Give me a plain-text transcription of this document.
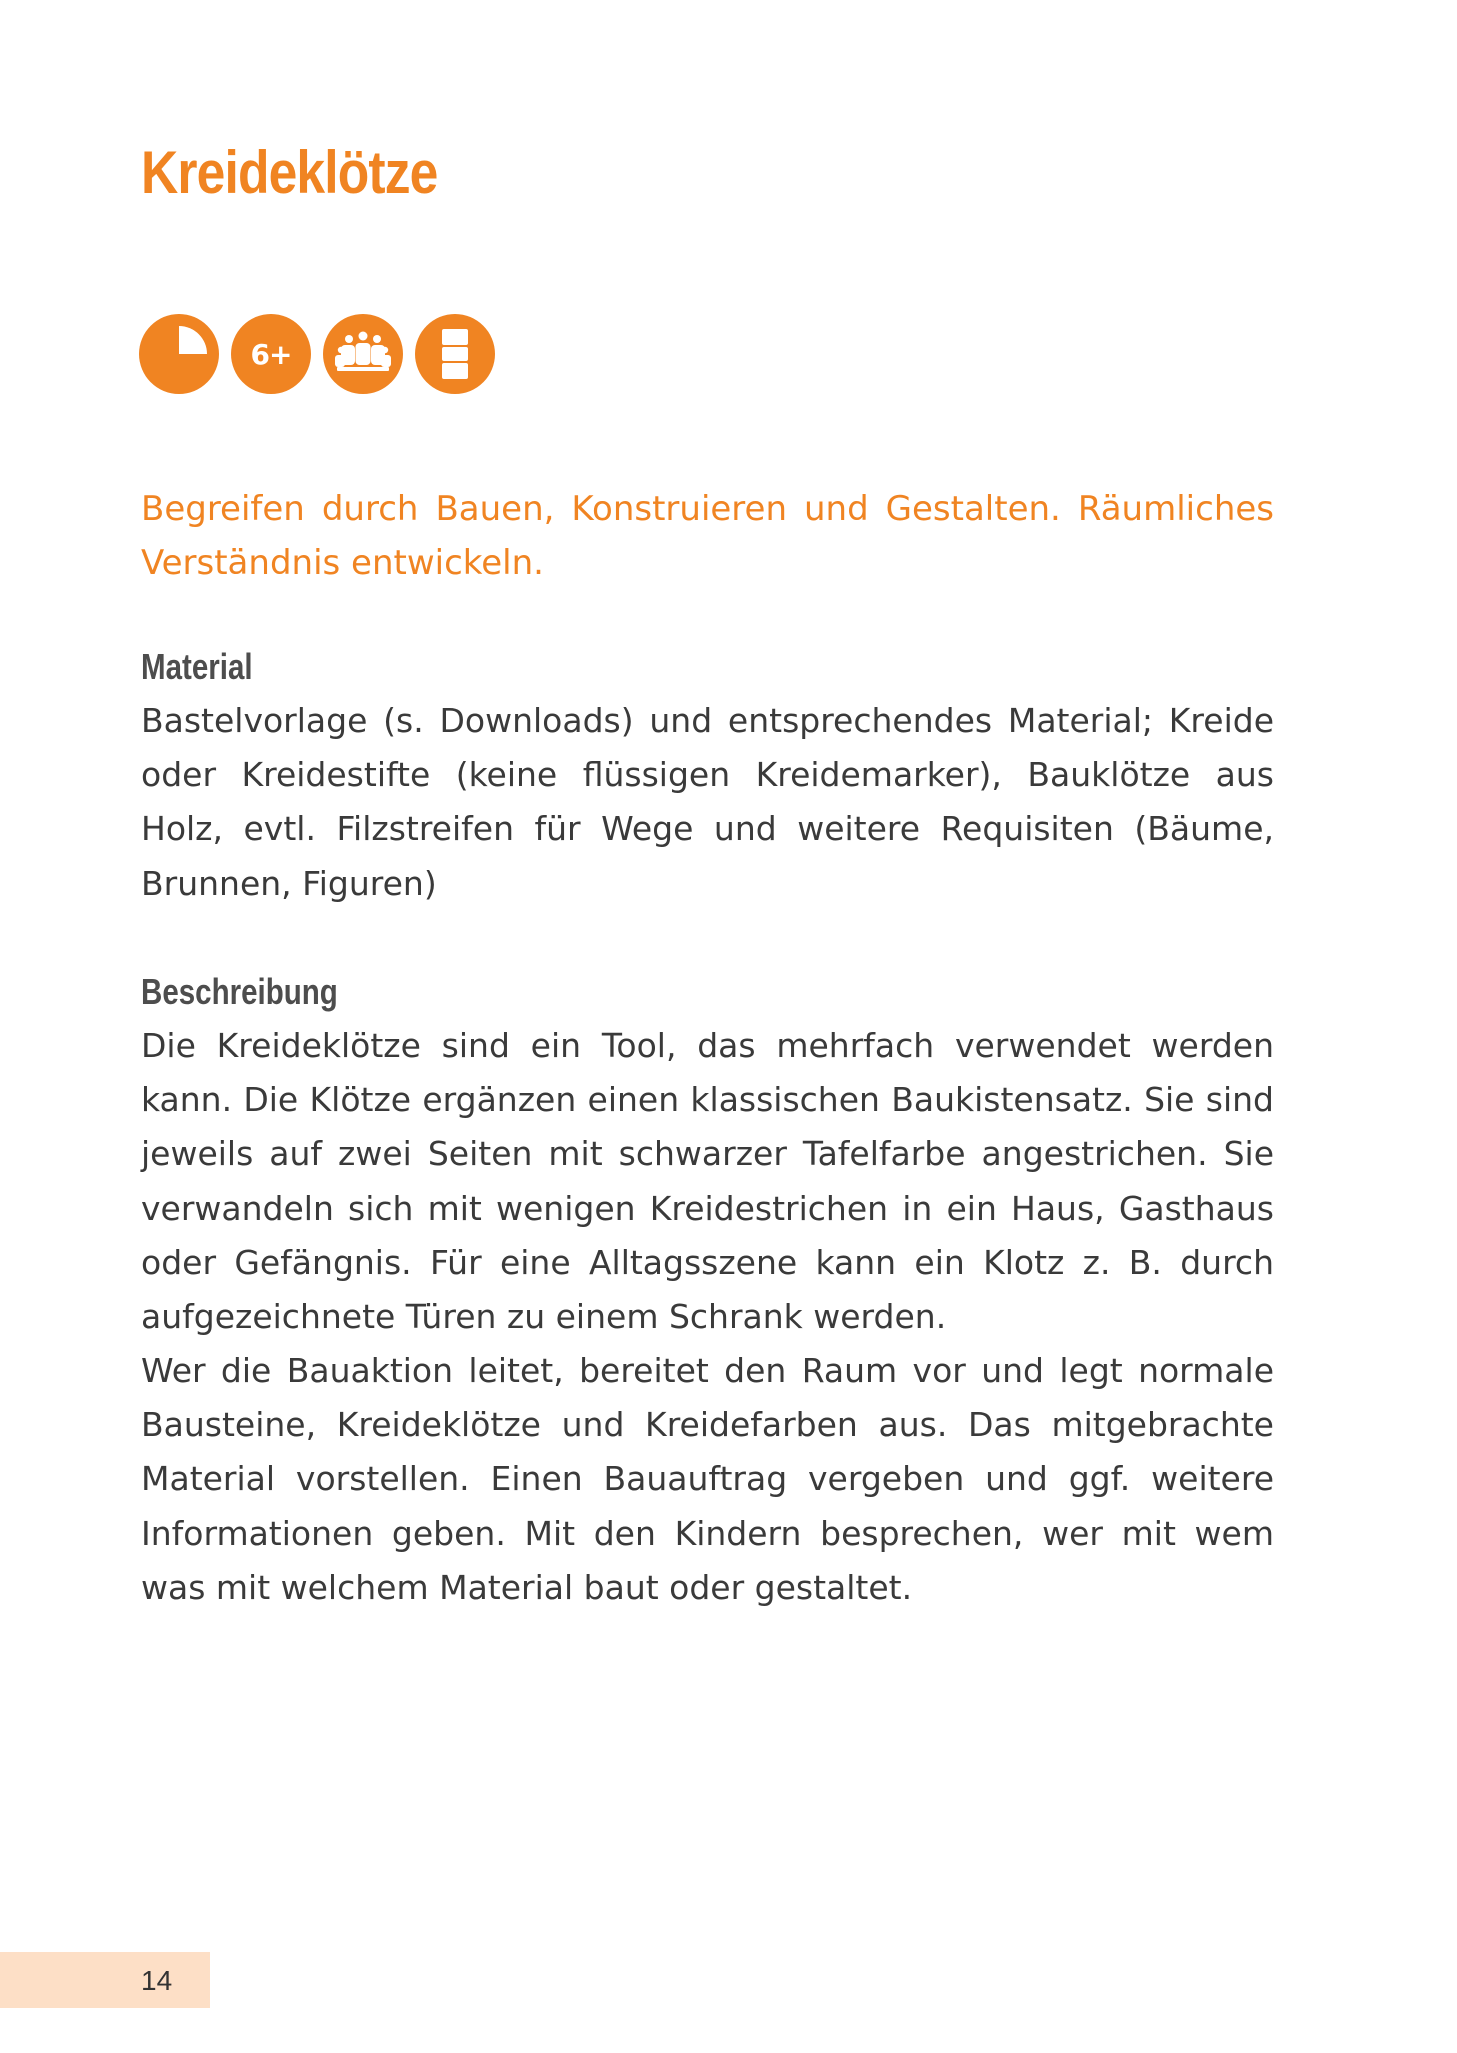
Kreideklötze
6+

Begreifen durch Bauen, Konstruieren und Gestalten. Räumliches Verständnis entwickeln.

Material

Bastelvorlage (s. Downloads) und entsprechendes Material; Kreide oder Kreidestifte (keine flüssigen Kreidemarker), Bauklötze aus Holz, evtl. Filzstreifen für Wege und weitere Requisiten (Bäume, Brunnen, Figuren)

Beschreibung

Die Kreideklötze sind ein Tool, das mehrfach verwendet werden kann. Die Klötze ergänzen einen klassischen Baukistensatz. Sie sind jeweils auf zwei Seiten mit schwarzer Tafelfarbe angestrichen. Sie verwandeln sich mit wenigen Kreidestrichen in ein Haus, Gasthaus oder Gefängnis. Für eine Alltagsszene kann ein Klotz z. B. durch aufgezeichnete Türen zu einem Schrank werden.

Wer die Bauaktion leitet, bereitet den Raum vor und legt normale Bausteine, Kreideklötze und Kreidefarben aus. Das mitgebrachte Material vorstellen. Einen Bauauftrag vergeben und ggf. weitere Informationen geben. Mit den Kindern besprechen, wer mit wem was mit welchem Material baut oder gestaltet.

14
